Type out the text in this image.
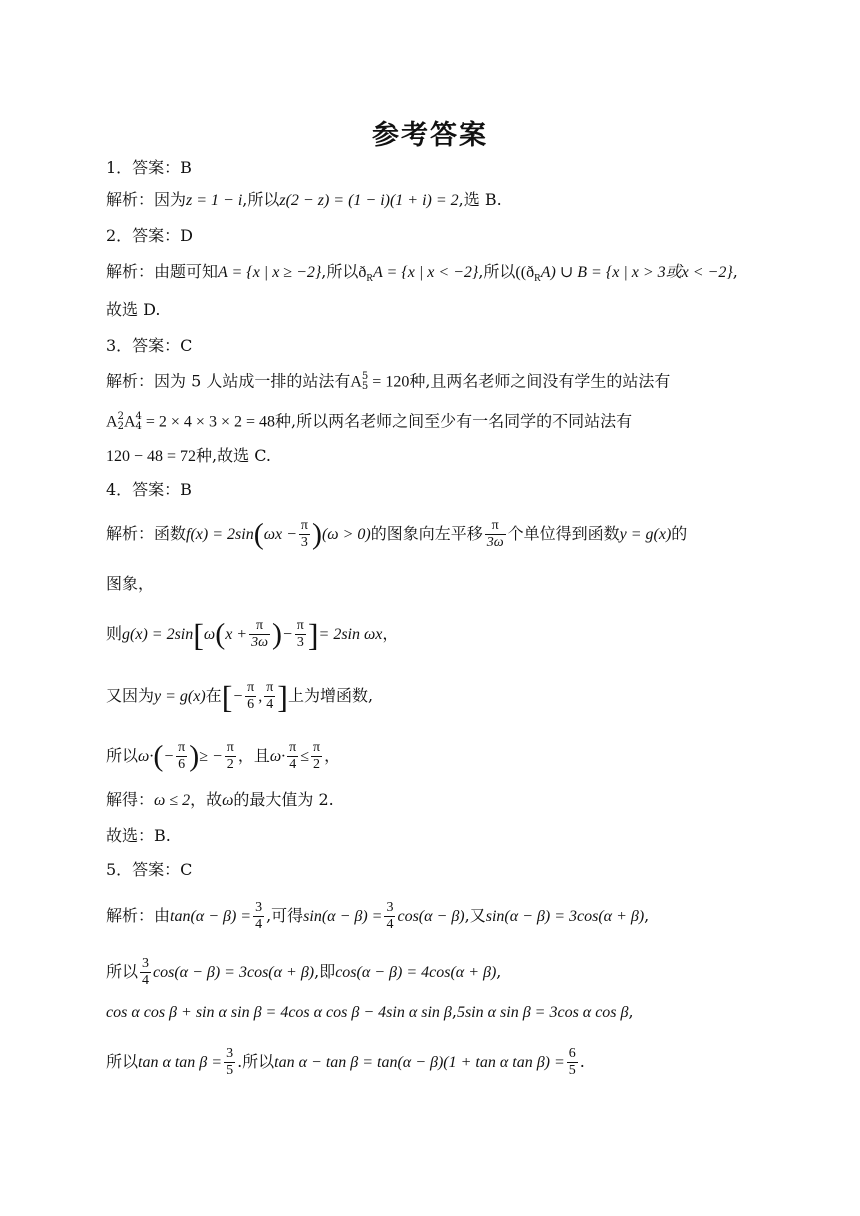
参考答案
1．答案：B
解析：因为z = 1 − i,所以z(2 − z) = (1 − i)(1 + i) = 2,选 B.
2．答案：D
解析：由题可知A = {x | x ≥ −2},所以$ð_RA = \{x$ | x < −2},所以($(ð_RA)$ ∪ B = {x | x > 3或x < −2},
故选 D.
3．答案：C
解析：因为 5 人站成一排的站法有A 5
5 = 120种,且两名老师之间没有学生的站法有
A 2
2 A 4
4 = 2 × 4 × 3 × 2 = 48种,所以两名老师之间至少有一名同学的不同站法有
120 − 48 = 72种,故选 C.
4．答案：B
解析：函数$f(x) = 2\sin(\omega x - \frac{\pi}{3} )(\omega > 0)$的图象向左平移 $\frac{\pi}{3\omega}$ 个单位得到函数y = g(x)的
图象，
则$g(x) = 2\sin[\omega(x + \frac{\pi}{3\omega}$ )− $\frac{\pi}{3}$ ]= 2sin ωx，
又因为y = g(x)在[− $\frac{\pi}{6}$ , $\frac{\pi}{4}$ ]上为增函数,
所以$\omega\cdot(- \frac{\pi}{6}$ )≥ − $\frac{\pi}{2}$ ，且$\omega\cdot \frac{\pi}{4} \le \frac{\pi}{2}$ ，
解得：ω ≤ 2，故ω的最大值为 2.
故选：B.
5．答案：C
解析：由$\tan(\alpha - \beta) = \frac{3}{4}$ ,可得$\sin(\alpha - \beta) = \frac{3}{4} \cos(\alpha - \beta)$,又sin(α − β) = 3cos(α + β),
所以 $\frac{3}{4} \cos(\alpha - \beta) = 3\cos(\alpha + \beta)$,即cos(α − β) = 4cos(α + β),
cos α cos β + sin α sin β = 4cos α cos β − 4sin α sin β,5sin α sin β = 3cos α cos β,
所以tan α $\tan \beta = \frac{3}{5}$ .所以tan α − tan β = tan(α − β)(1 + tan α $\tan \beta) = \frac{6}{5}$ .
